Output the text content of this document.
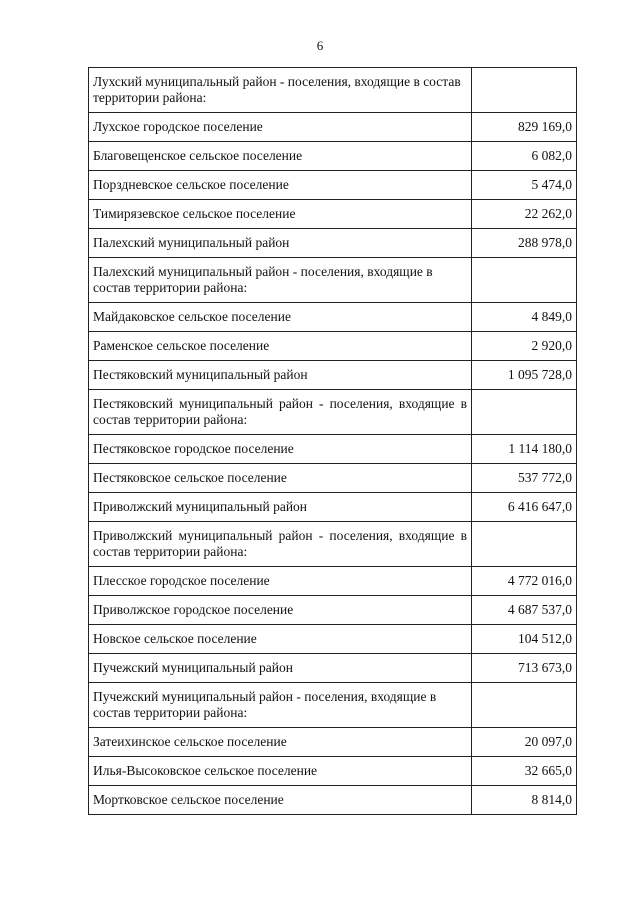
6
Лухский муниципальный район - поселения, входящие в состав территории района:	
Лухское городское поселение	829 169,0
Благовещенское сельское поселение	6 082,0
Порздневское сельское поселение	5 474,0
Тимирязевское сельское поселение	22 262,0
Палехский муниципальный район	288 978,0
Палехский муниципальный район - поселения, входящие в состав территории района:	
Майдаковское сельское поселение	4 849,0
Раменское сельское поселение	2 920,0
Пестяковский муниципальный район	1 095 728,0
Пестяковский муниципальный район - поселения, входящие в состав территории района:	
Пестяковское городское поселение	1 114 180,0
Пестяковское сельское поселение	537 772,0
Приволжский муниципальный район	6 416 647,0
Приволжский муниципальный район - поселения, входящие в состав территории района:	
Плесское городское поселение	4 772 016,0
Приволжское городское поселение	4 687 537,0
Новское сельское поселение	104 512,0
Пучежский муниципальный район	713 673,0
Пучежский муниципальный район - поселения, входящие в состав территории района:	
Затеихинское сельское поселение	20 097,0
Илья-Высоковское сельское поселение	32 665,0
Мортковское сельское поселение	8 814,0
